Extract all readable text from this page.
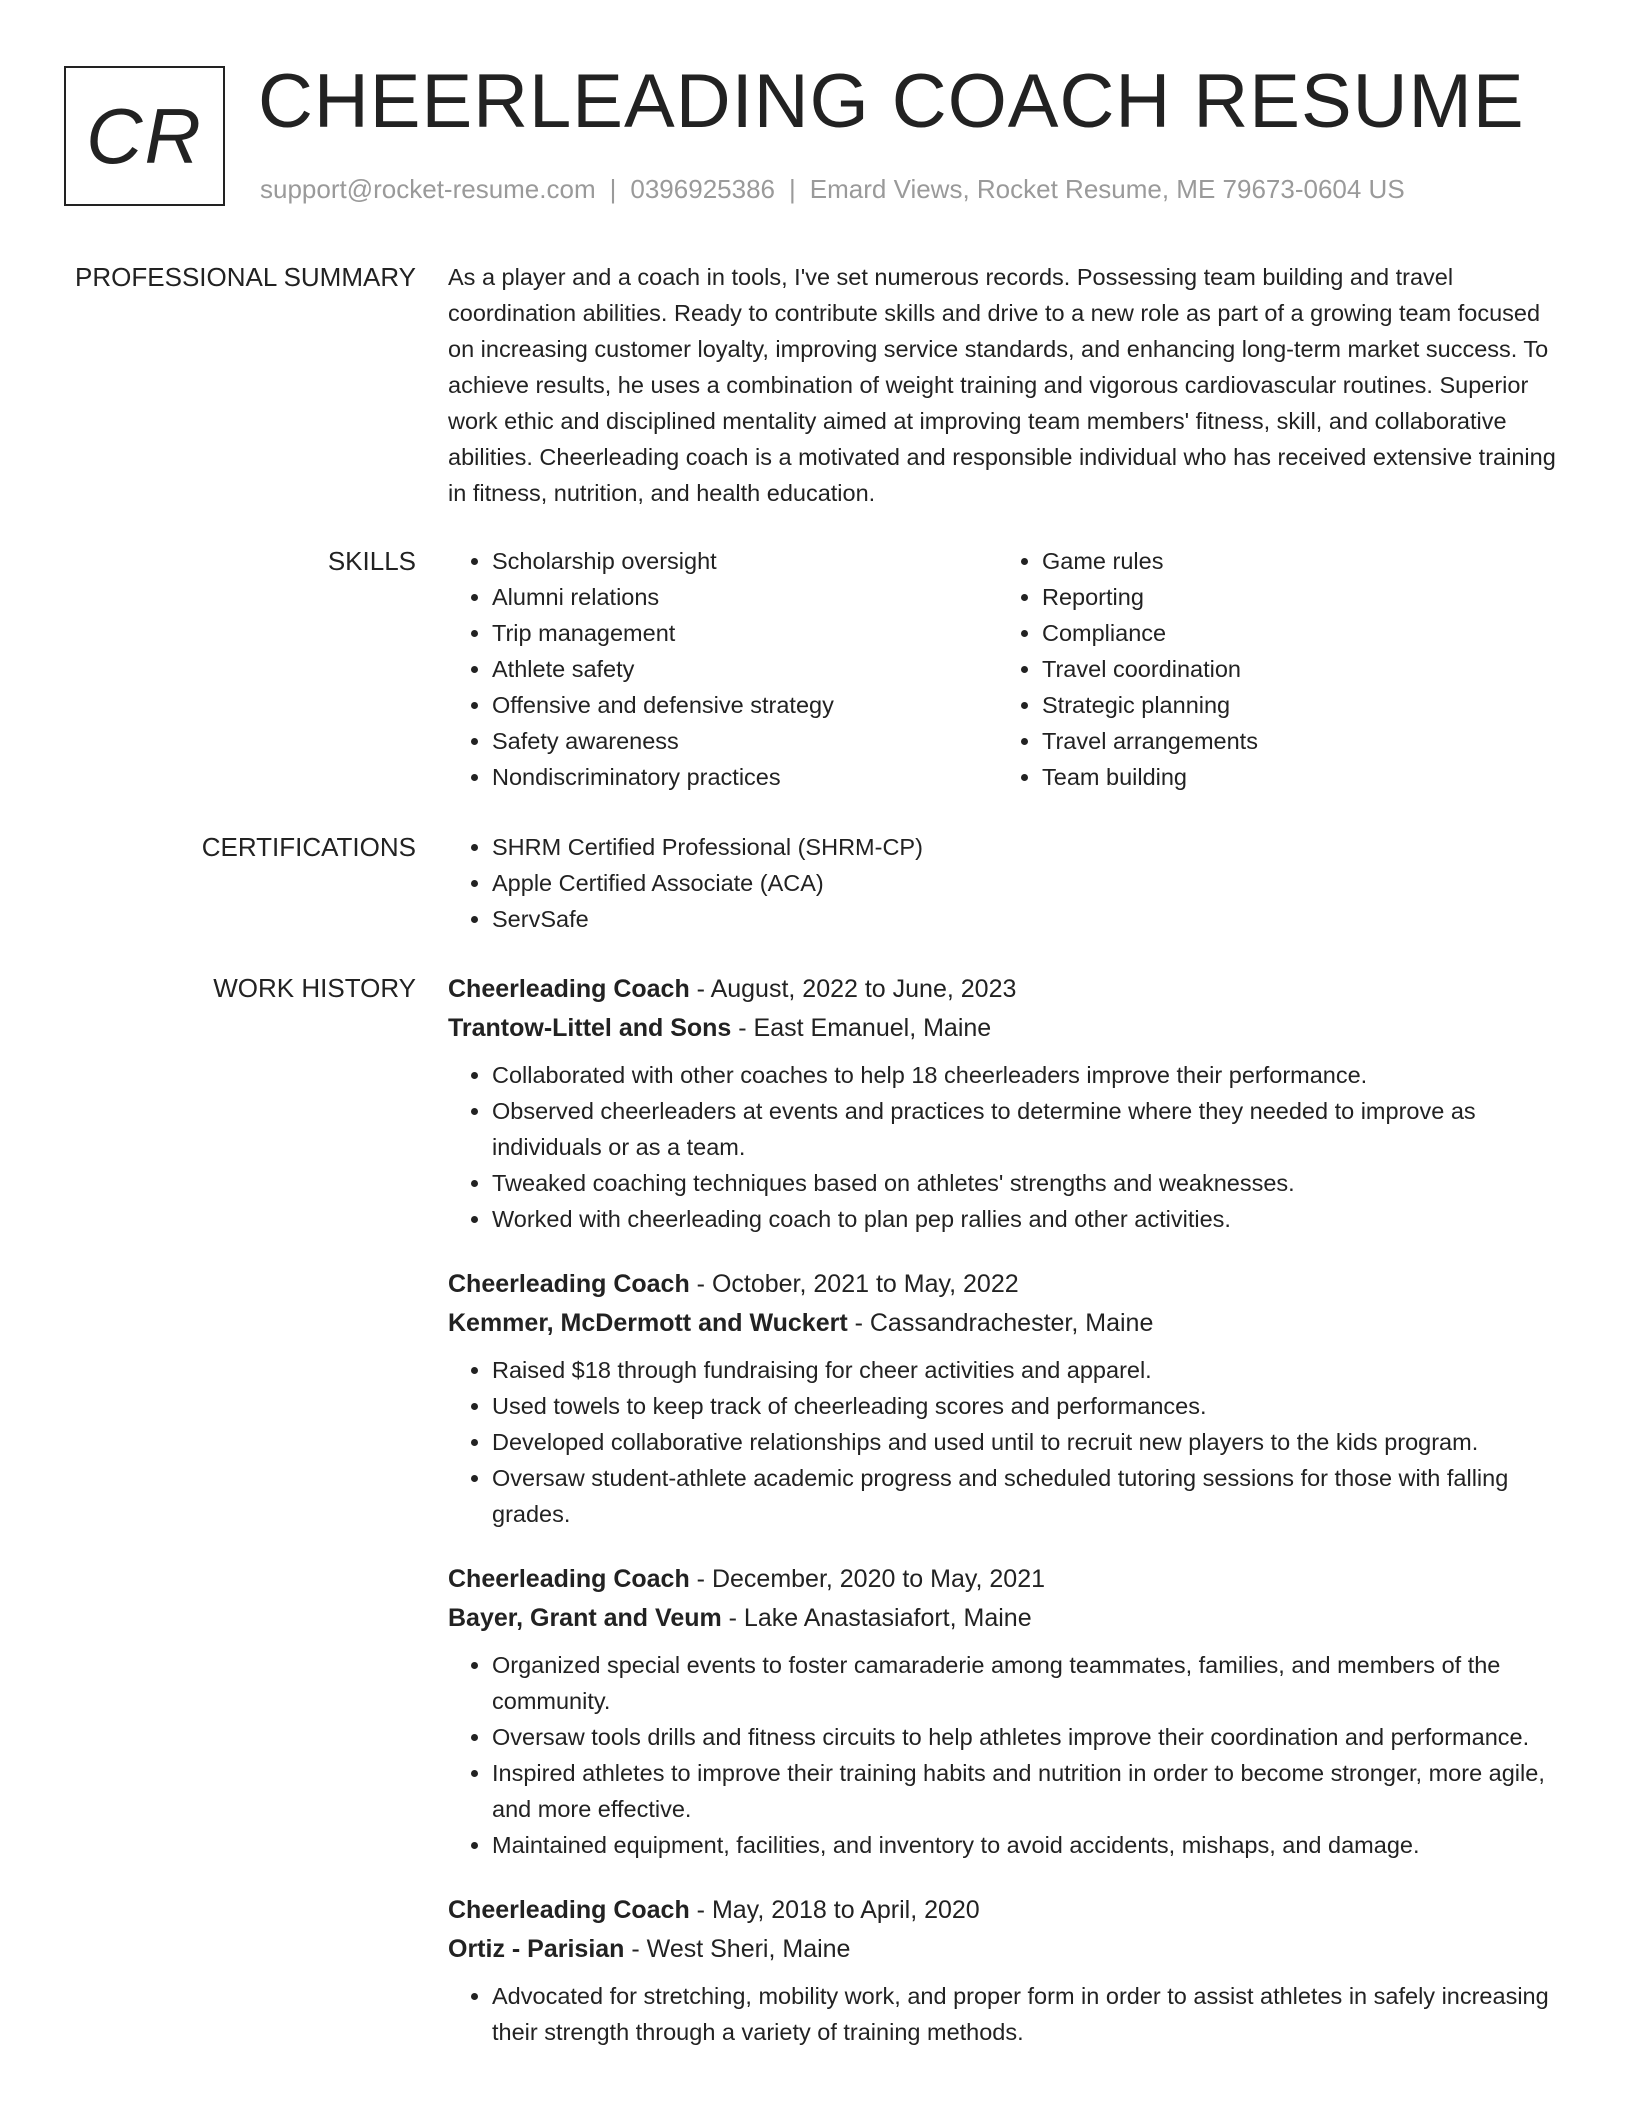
CR CHEERLEADING COACH RESUME
support@rocket-resume.com | 0396925386 | Emard Views, Rocket Resume, ME 79673-0604 US
PROFESSIONAL SUMMARY As a player and a coach in tools, I've set numerous records. Possessing team building and travel coordination abilities. Ready to contribute skills and drive to a new role as part of a growing team focused on increasing customer loyalty, improving service standards, and enhancing long-term market success. To achieve results, he uses a combination of weight training and vigorous cardiovascular routines. Superior work ethic and disciplined mentality aimed at improving team members' fitness, skill, and collaborative abilities. Cheerleading coach is a motivated and responsible individual who has received extensive training in fitness, nutrition, and health education.
SKILLS	• Scholarship oversight
• Alumni relations
• Trip management
• Athlete safety
• Offensive and defensive strategy
• Safety awareness
• Nondiscriminatory practices
• Game rules
• Reporting
• Compliance
• Travel coordination
• Strategic planning
• Travel arrangements
• Team building
CERTIFICATIONS	• SHRM Certified Professional (SHRM-CP)
• Apple Certified Associate (ACA)
• ServSafe
WORK HISTORY Cheerleading Coach - August, 2022 to June, 2023
Trantow-Littel and Sons - East Emanuel, Maine
• Collaborated with other coaches to help 18 cheerleaders improve their performance.
• Observed cheerleaders at events and practices to determine where they needed to improve as individuals or as a team.
• Tweaked coaching techniques based on athletes' strengths and weaknesses.
• Worked with cheerleading coach to plan pep rallies and other activities.
Cheerleading Coach - October, 2021 to May, 2022
Kemmer, McDermott and Wuckert - Cassandrachester, Maine
• Raised $18 through fundraising for cheer activities and apparel.
• Used towels to keep track of cheerleading scores and performances.
• Developed collaborative relationships and used until to recruit new players to the kids program.
• Oversaw student-athlete academic progress and scheduled tutoring sessions for those with falling grades.
Cheerleading Coach - December, 2020 to May, 2021
Bayer, Grant and Veum - Lake Anastasiafort, Maine
• Organized special events to foster camaraderie among teammates, families, and members of the community.
• Oversaw tools drills and fitness circuits to help athletes improve their coordination and performance.
• Inspired athletes to improve their training habits and nutrition in order to become stronger, more agile, and more effective.
• Maintained equipment, facilities, and inventory to avoid accidents, mishaps, and damage.
Cheerleading Coach - May, 2018 to April, 2020
Ortiz - Parisian - West Sheri, Maine
• Advocated for stretching, mobility work, and proper form in order to assist athletes in safely increasing their strength through a variety of training methods.
